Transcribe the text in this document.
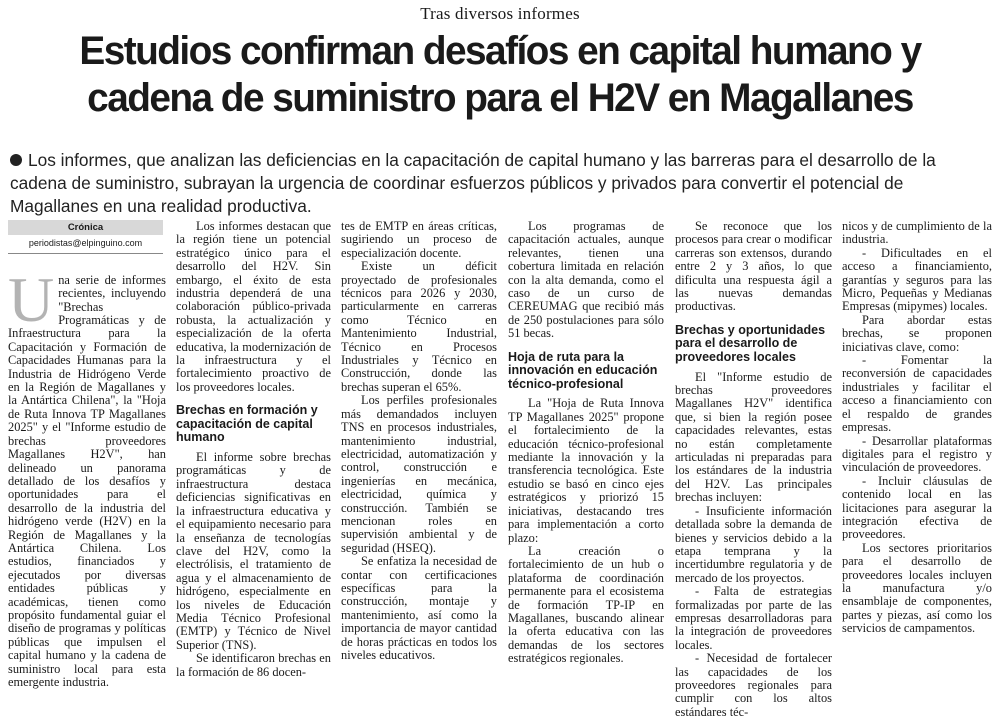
Tras diversos informes
Estudios confirman desafíos en capital humano y
cadena de suministro para el H2V en Magallanes
Los informes, que analizan las deficiencias en la capacitación de capital humano y las barreras para el desarrollo de la cadena de suministro, subrayan la urgencia de coordinar esfuerzos públicos y privados para convertir el potencial de Magallanes en una realidad productiva.
Crónica
periodistas@elpinguino.com

Una serie de informes recientes, incluyendo "Brechas Programáticas y de Infraestructura para la Capacitación y Formación de Capacidades Humanas para la Industria de Hidrógeno Verde en la Región de Magallanes y la Antártica Chilena", la "Hoja de Ruta Innova TP Magallanes 2025" y el "Informe estudio de brechas proveedores Magallanes H2V", han delineado un panorama detallado de los desafíos y oportunidades para el desarrollo de la industria del hidrógeno verde (H2V) en la Región de Magallanes y la Antártica Chilena. Los estudios, financiados y ejecutados por diversas entidades públicas y académicas, tienen como propósito fundamental guiar el diseño de programas y políticas públicas que impulsen el capital humano y la cadena de suministro local para esta emergente industria.

Los informes destacan que la región tiene un potencial estratégico único para el desarrollo del H2V. Sin embargo, el éxito de esta industria dependerá de una colaboración público-privada robusta, la actualización y especialización de la oferta educativa, la modernización de la infraestructura y el fortalecimiento proactivo de los proveedores locales.

Brechas en formación y capacitación de capital humano

El informe sobre brechas programáticas y de infraestructura destaca deficiencias significativas en la infraestructura educativa y el equipamiento necesario para la enseñanza de tecnologías clave del H2V, como la electrólisis, el tratamiento de agua y el almacenamiento de hidrógeno, especialmente en los niveles de Educación Media Técnico Profesional (EMTP) y Técnico de Nivel Superior (TNS).

Se identificaron brechas en la formación de 86 docen-

tes de EMTP en áreas críticas, sugiriendo un proceso de especialización docente.

Existe un déficit proyectado de profesionales técnicos para 2026 y 2030, particularmente en carreras como Técnico en Mantenimiento Industrial, Técnico en Procesos Industriales y Técnico en Construcción, donde las brechas superan el 65%.

Los perfiles profesionales más demandados incluyen TNS en procesos industriales, mantenimiento industrial, electricidad, automatización y control, construcción e ingenierías en mecánica, electricidad, química y construcción. También se mencionan roles en supervisión ambiental y de seguridad (HSEQ).

Se enfatiza la necesidad de contar con certificaciones específicas para la construcción, montaje y mantenimiento, así como la importancia de mayor cantidad de horas prácticas en todos los niveles educativos.

Los programas de capacitación actuales, aunque relevantes, tienen una cobertura limitada en relación con la alta demanda, como el caso de un curso de CEREUMAG que recibió más de 250 postulaciones para sólo 51 becas.

Hoja de ruta para la innovación en educación técnico-profesional

La "Hoja de Ruta Innova TP Magallanes 2025" propone el fortalecimiento de la educación técnico-profesional mediante la innovación y la transferencia tecnológica. Este estudio se basó en cinco ejes estratégicos y priorizó 15 iniciativas, destacando tres para implementación a corto plazo:

La creación o fortalecimiento de un hub o plataforma de coordinación permanente para el ecosistema de formación TP-IP en Magallanes, buscando alinear la oferta educativa con las demandas de los sectores estratégicos regionales.

Se reconoce que los procesos para crear o modificar carreras son extensos, durando entre 2 y 3 años, lo que dificulta una respuesta ágil a las nuevas demandas productivas.

Brechas y oportunidades para el desarrollo de proveedores locales

El "Informe estudio de brechas proveedores Magallanes H2V" identifica que, si bien la región posee capacidades relevantes, estas no están completamente articuladas ni preparadas para los estándares de la industria del H2V. Las principales brechas incluyen:

- Insuficiente información detallada sobre la demanda de bienes y servicios debido a la etapa temprana y la incertidumbre regulatoria y de mercado de los proyectos.

- Falta de estrategias formalizadas por parte de las empresas desarrolladoras para la integración de proveedores locales.

- Necesidad de fortalecer las capacidades de los proveedores regionales para cumplir con los altos estándares téc-

nicos y de cumplimiento de la industria.

- Dificultades en el acceso a financiamiento, garantías y seguros para las Micro, Pequeñas y Medianas Empresas (mipymes) locales.

Para abordar estas brechas, se proponen iniciativas clave, como:

- Fomentar la reconversión de capacidades industriales y facilitar el acceso a financiamiento con el respaldo de grandes empresas.

- Desarrollar plataformas digitales para el registro y vinculación de proveedores.

- Incluir cláusulas de contenido local en las licitaciones para asegurar la integración efectiva de proveedores.

Los sectores prioritarios para el desarrollo de proveedores locales incluyen la manufactura y/o ensamblaje de componentes, partes y piezas, así como los servicios de campamentos.
